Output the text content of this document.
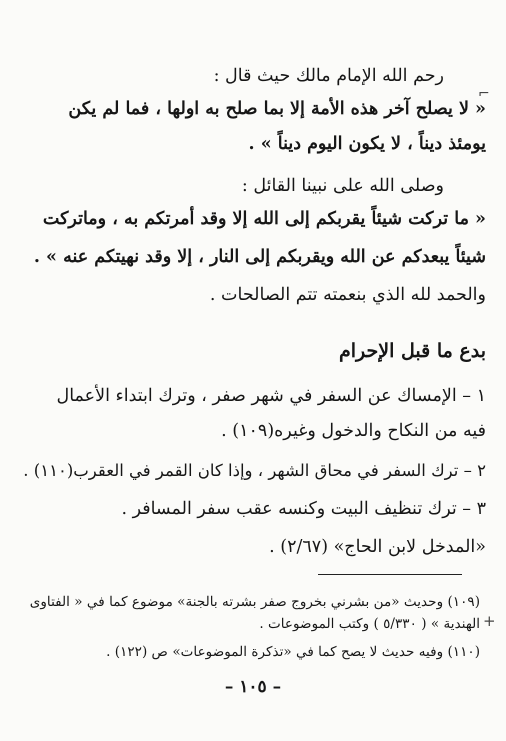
رحم الله الإمام مالك حيث قال :
« لا يصلح آخر هذه الأمة إلا بما صلح به اولها ، فما لم يكن
يومئذ ديناً ، لا يكون اليوم ديناً » .
وصلى الله على نبينا القائل :
« ما تركت شيئاً يقربكم إلى الله إلا وقد أمرتكم به ، وماتركت
شيئاً يبعدكم عن الله ويقربكم إلى النار ، إلا وقد نهيتكم عنه » .
والحمد لله الذي بنعمته تتم الصالحات .
بدع ما قبل الإحرام
١ – الإمساك عن السفر في شهر صفر ، وترك ابتداء الأعمال
فيه من النكاح والدخول وغيره(١٠٩) .
٢ – ترك السفر في محاق الشهر ، وإذا كان القمر في العقرب(١١٠) .
٣ – ترك تنظيف البيت وكنسه عقب سفر المسافر .
«المدخل لابن الحاج» (٢/٦٧) .
(١٠٩) وحديث «من بشرني بخروج صفر بشرته بالجنة» موضوع كما في « الفتاوى
الهندية » ( ٥/٣٣٠ ) وكتب الموضوعات .
(١١٠) وفيه حديث لا يصح كما في «تذكرة الموضوعات» ص (١٢٢) .
– ١٠٥ –
⌐
+
